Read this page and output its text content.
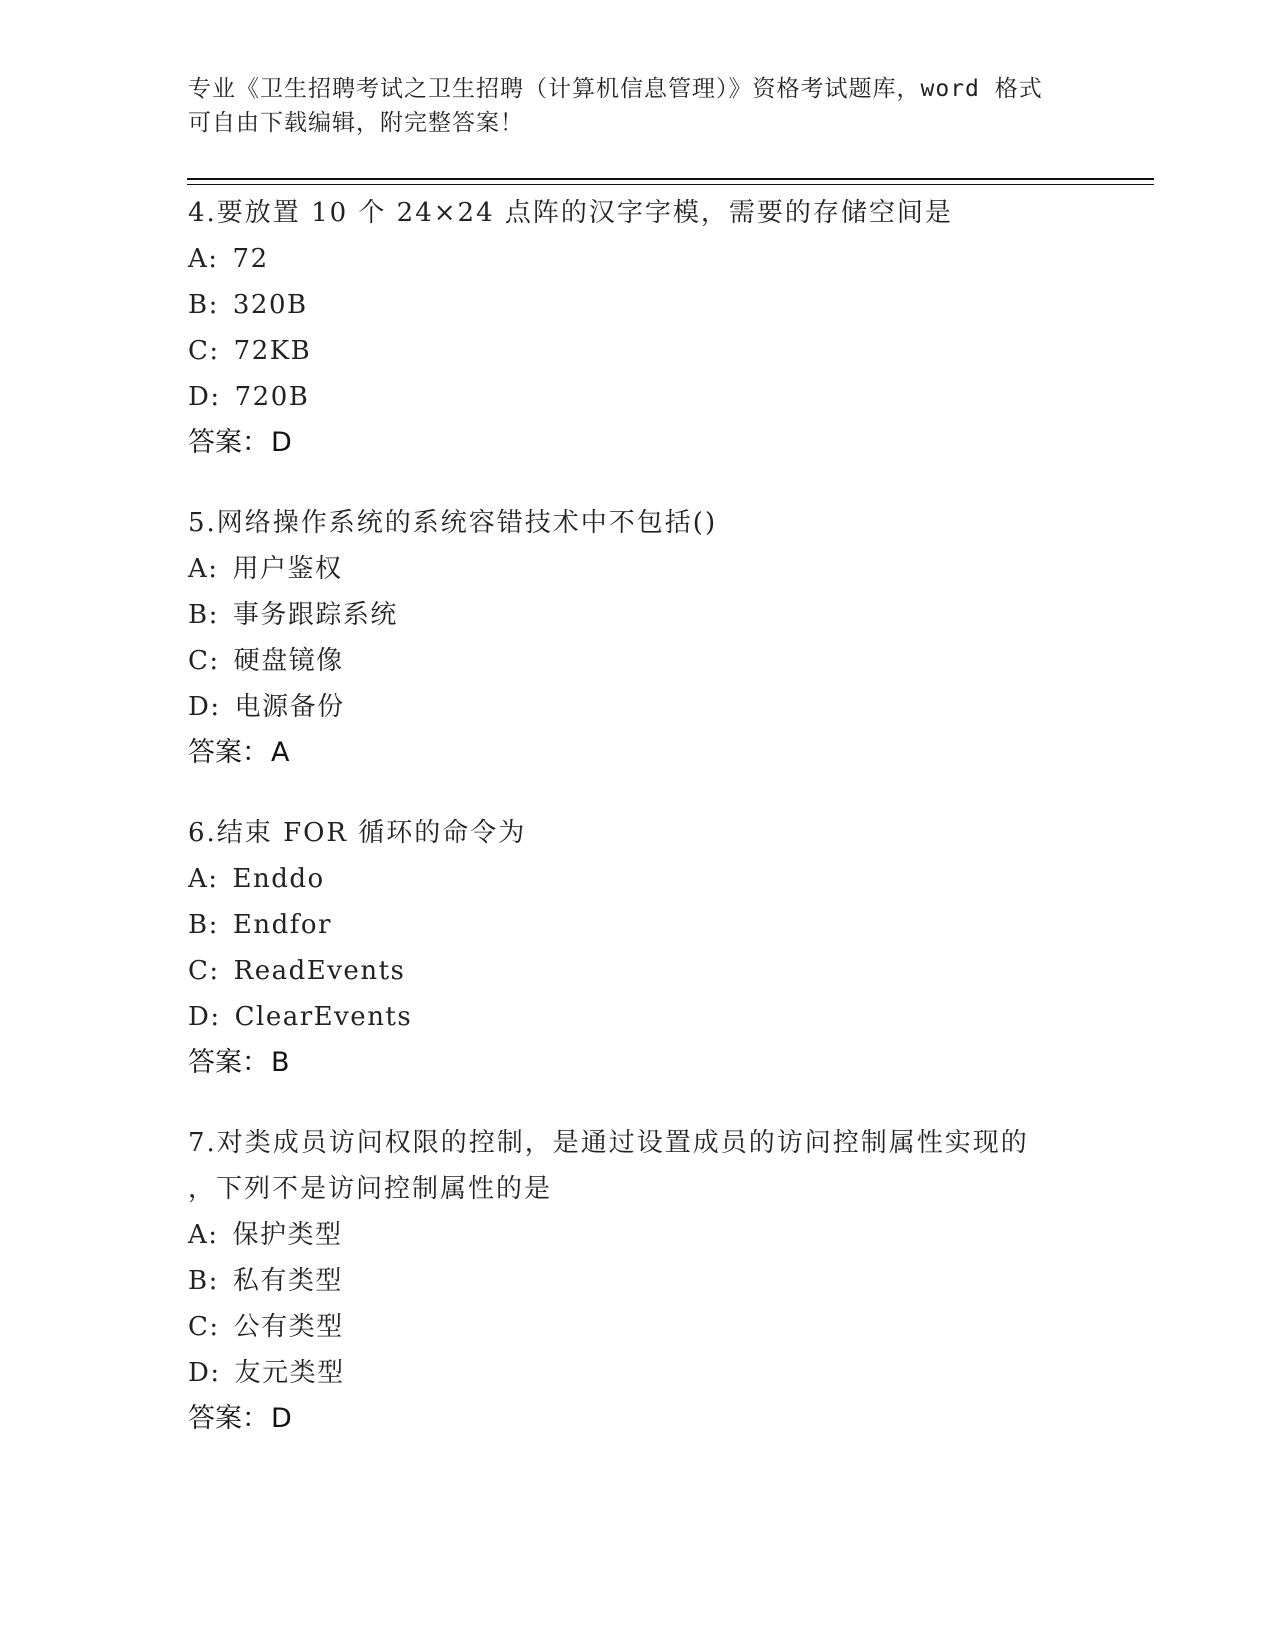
专业《卫生招聘考试之卫生招聘（计算机信息管理）》资格考试题库，word 格式
可自由下载编辑，附完整答案！
4.要放置 10 个 24×24 点阵的汉字字模，需要的存储空间是
A: 72
B: 320B
C: 72KB
D: 720B
答案：D
5.网络操作系统的系统容错技术中不包括()
A: 用户鉴权
B: 事务跟踪系统
C: 硬盘镜像
D: 电源备份
答案：A
6.结束 FOR 循环的命令为
A: Enddo
B: Endfor
C: ReadEvents
D: ClearEvents
答案：B
7.对类成员访问权限的控制，是通过设置成员的访问控制属性实现的
，下列不是访问控制属性的是
A: 保护类型
B: 私有类型
C: 公有类型
D: 友元类型
答案：D
